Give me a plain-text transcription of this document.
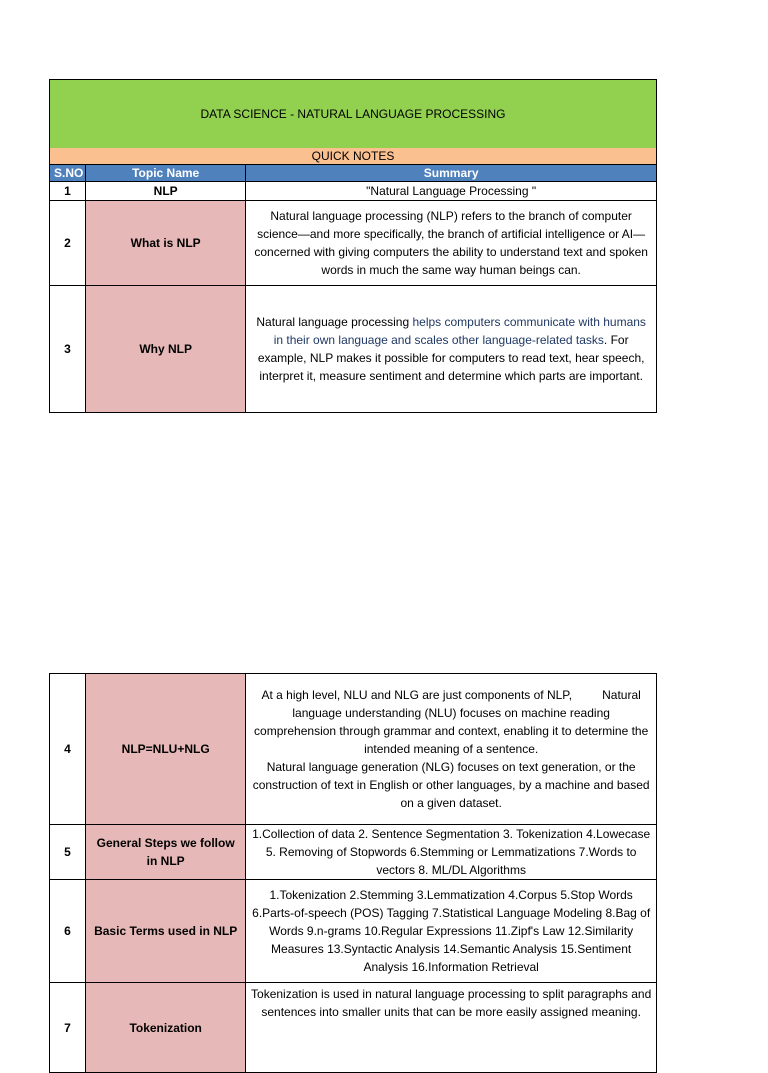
DATA SCIENCE - NATURAL LANGUAGE PROCESSING		
QUICK NOTES		
S.NO	Topic Name	Summary
1	NLP	"Natural Language Processing "
2	What is NLP	Natural language processing (NLP) refers to the branch of computer science—and more specifically, the branch of artificial intelligence or AI—concerned with giving computers the ability to understand text and spoken words in much the same way human beings can.
3	Why NLP	Natural language processing helps computers communicate with humans in their own language and scales other language-related tasks. For example, NLP makes it possible for computers to read text, hear speech, interpret it, measure sentiment and determine which parts are important.
4	NLP=NLU+NLG	At a high level, NLU and NLG are just components of NLP,         Natural language understanding (NLU) focuses on machine reading comprehension through grammar and context, enabling it to determine the intended meaning of a sentence.
Natural language generation (NLG) focuses on text generation, or the construction of text in English or other languages, by a machine and based on a given dataset.

5	General Steps we follow in NLP	1.Collection of data 2. Sentence Segmentation 3. Tokenization 4.Lowecase 5. Removing of Stopwords 6.Stemming or Lemmatizations 7.Words to vectors 8. ML/DL Algorithms
6	Basic Terms used in NLP	1.Tokenization 2.Stemming 3.Lemmatization 4.Corpus 5.Stop Words 6.Parts-of-speech (POS) Tagging 7.Statistical Language Modeling 8.Bag of Words 9.n-grams 10.Regular Expressions 11.Zipf's Law 12.Similarity Measures 13.Syntactic Analysis 14.Semantic Analysis 15.Sentiment Analysis 16.Information Retrieval
7	Tokenization	Tokenization is used in natural language processing to split paragraphs and sentences into smaller units that can be more easily assigned meaning.
